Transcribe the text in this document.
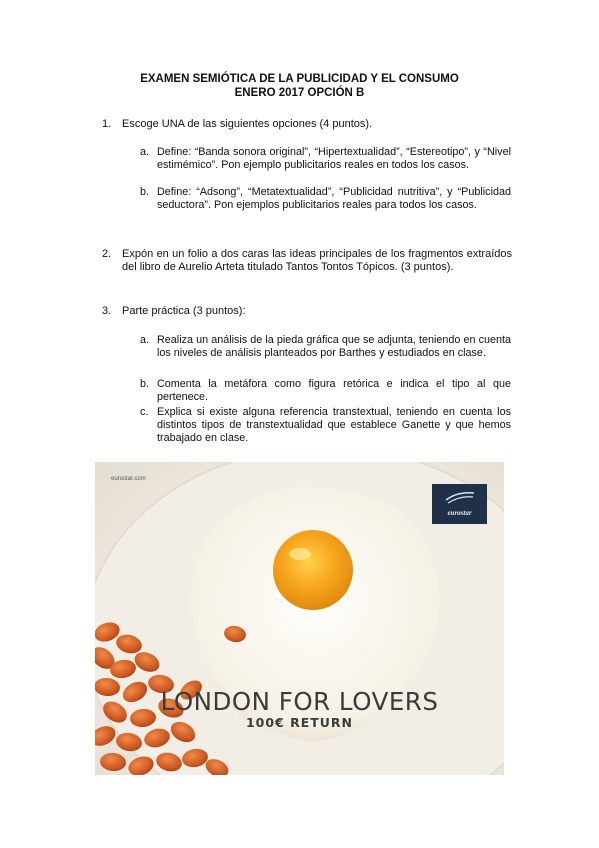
EXAMEN SEMIÓTICA DE LA PUBLICIDAD Y EL CONSUMO
ENERO 2017 OPCIÓN B
1. Escoge UNA de las siguientes opciones (4 puntos).
a. Define: “Banda sonora original”, “Hipertextualidad”, “Estereotipo”, y “Nivel estimémico”. Pon ejemplo publicitarios reales en todos los casos.
b. Define: “Adsong”, “Metatextualidad”, “Publicidad nutritiva”, y “Publicidad seductora”. Pon ejemplos publicitarios reales para todos los casos.
2. Expón en un folio a dos caras las ideas principales de los fragmentos extraídos del libro de Aurelio Arteta titulado Tantos Tontos Tópicos. (3 puntos).
3. Parte práctica (3 puntos):
a. Realiza un análisis de la pieda gráfica que se adjunta, teniendo en cuenta los niveles de análisis planteados por Barthes y estudiados en clase.
b. Comenta la metáfora como figura retórica e indica el tipo al que pertenece.
c. Explica si existe alguna referencia transtextual, teniendo en cuenta los distintos tipos de transtextualidad que establece Ganette y que hemos trabajado en clase.
eurostar.com
eurostar
LONDON FOR LOVERS
100€ RETURN
